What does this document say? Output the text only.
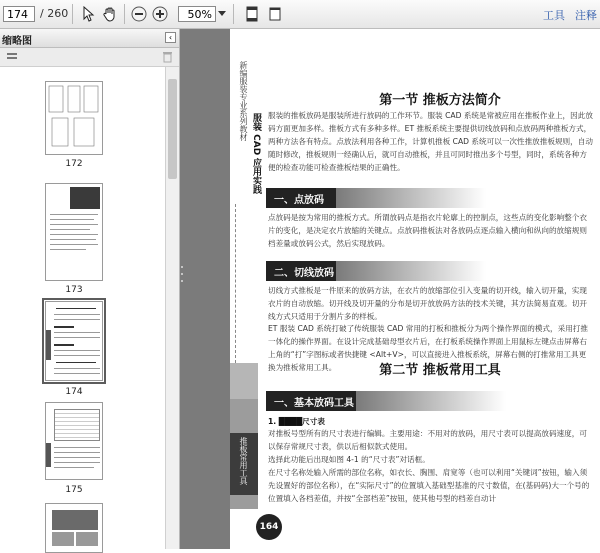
174
/ 260
50%	工具 注释
缩略图	‹
172
173
174
175
新编服装专业系列教材
服装 CAD 应用实践
推板常用工具
第一节 推板方法简介
服装的推板放码是服装所进行放码的工作环节。服装 CAD 系统是常被应用在推板作业上，因此放码方面更加多样。推板方式有多种多样。ET 推板系统主要提供切线放码和点放码两种推板方式，两种方法各有特点。点放法利用各种工作，计算机推板 CAD 系统可以一次性推放推板规则，自动随时修改，推板规则一经确认后，就可自动推板，并且可同时推出多个号型，同时，系统各种方便的检查功能可检查推板结果的正确性。
一、点放码
点放码是按为常用的推板方式。所谓放码点是指衣片轮廓上的控制点，这些点的变化影响整个衣片的变化，是决定衣片放缩的关键点。点放码推板法对各放码点逐点输入横向和纵向的放缩规则档差量或放码公式，然后实现放码。
二、切线放码
切线方式推板是一件原来的放码方法，在衣片的放缩部位引入变量的切开线，输入切开量，实现衣片的自动放缩。切开线及切开量的分布是切开放放码方法的技术关键，其方法简易直观。切开线方式只适用于分割片多的样板。
ET 服装 CAD 系统打破了传统服装 CAD 常用的打板和推板分为两个操作界面的模式，采用打推一体化的操作界面。在设计完成基础母型衣片后，在打板系统操作界面上用鼠标左键点击屏幕右上角的“打”字图标或者快捷键 <Alt+V>，可以直接进入推板系统，屏幕右侧的打推常用工具更换为推板常用工具。	第二节 推板常用工具
一、基本放码工具
1. ████尺寸表
对推板号型所有的尺寸表进行编辑。主要用途：不用对的放码，用尺寸表可以提高放码速度，可以保存常规尺寸表，供以后相似款式使用。
选择此功能后出现如图 4-1 的“尺寸表”对话框。
在尺寸名称处输入所需的部位名称，如衣长、胸围、肩宽等（也可以利用“关键词”按钮，输入须先设置好的部位名称），在“实际尺寸”的位置填入基础型基准的尺寸数值，在(基码码)大一个号的位置填入各档差值，并按“全部档差”按钮，使其他号型的档差自动计
164
